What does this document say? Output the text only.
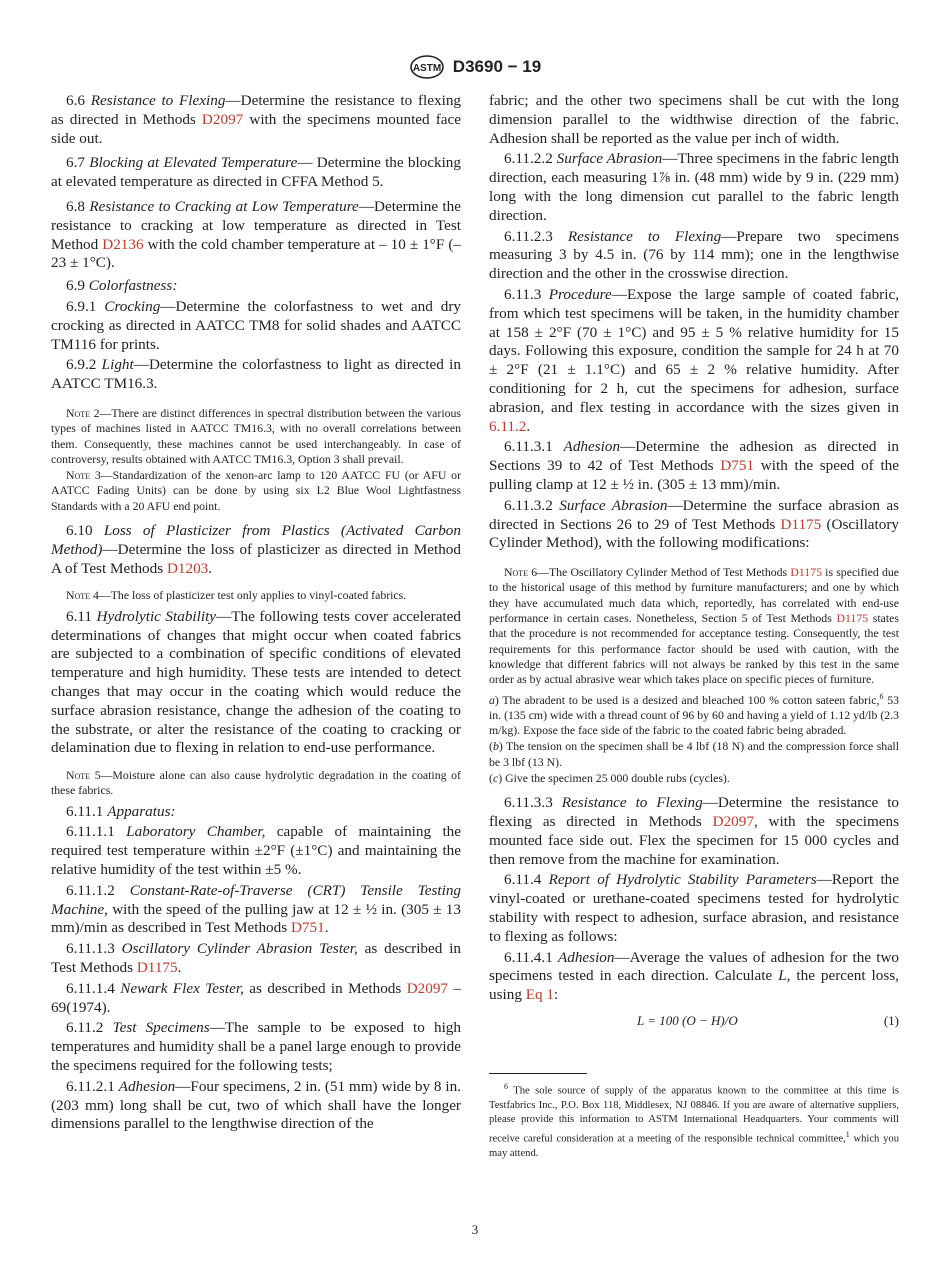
ASTM D3690 − 19

6.6 Resistance to Flexing—Determine the resistance to flexing as directed in Methods D2097 with the specimens mounted face side out.

6.7 Blocking at Elevated Temperature— Determine the blocking at elevated temperature as directed in CFFA Method 5.

6.8 Resistance to Cracking at Low Temperature—Determine the resistance to cracking at low temperature as directed in Test Method D2136 with the cold chamber temperature at – 10 ± 1°F (–23 ± 1°C).

6.9 Colorfastness:

6.9.1 Crocking—Determine the colorfastness to wet and dry crocking as directed in AATCC TM8 for solid shades and AATCC TM116 for prints.

6.9.2 Light—Determine the colorfastness to light as directed in AATCC TM16.3.

Note 2—There are distinct differences in spectral distribution between the various types of machines listed in AATCC TM16.3, with no overall correlations between them. Consequently, these machines cannot be used interchangeably. In case of controversy, results obtained with AATCC TM16.3, Option 3 shall prevail.

Note 3—Standardization of the xenon-arc lamp to 120 AATCC FU (or AFU or AATCC Fading Units) can be done by using six L2 Blue Wool Lightfastness Standards with a 20 AFU end point.

6.10 Loss of Plasticizer from Plastics (Activated Carbon Method)—Determine the loss of plasticizer as directed in Method A of Test Methods D1203.

Note 4—The loss of plasticizer test only applies to vinyl-coated fabrics.

6.11 Hydrolytic Stability—The following tests cover accelerated determinations of changes that might occur when coated fabrics are subjected to a combination of specific conditions of elevated temperature and high humidity. These tests are intended to detect changes that may occur in the coating which would reduce the surface abrasion resistance, change the adhesion of the coating to the substrate, or alter the resistance of the coating to cracking or delamination due to flexing in relation to end-use performance.

Note 5—Moisture alone can also cause hydrolytic degradation in the coating of these fabrics.

6.11.1 Apparatus:

6.11.1.1 Laboratory Chamber, capable of maintaining the required test temperature within ±2°F (±1°C) and maintaining the relative humidity of the test within ±5 %.

6.11.1.2 Constant-Rate-of-Traverse (CRT) Tensile Testing Machine, with the speed of the pulling jaw at 12 ± ½ in. (305 ± 13 mm)/min as described in Test Methods D751.

6.11.1.3 Oscillatory Cylinder Abrasion Tester, as described in Test Methods D1175.

6.11.1.4 Newark Flex Tester, as described in Methods D2097 – 69(1974).

6.11.2 Test Specimens—The sample to be exposed to high temperatures and humidity shall be a panel large enough to provide the specimens required for the following tests;

6.11.2.1 Adhesion—Four specimens, 2 in. (51 mm) wide by 8 in. (203 mm) long shall be cut, two of which shall have the longer dimensions parallel to the lengthwise direction of the

fabric; and the other two specimens shall be cut with the long dimension parallel to the widthwise direction of the fabric. Adhesion shall be reported as the value per inch of width.

6.11.2.2 Surface Abrasion—Three specimens in the fabric length direction, each measuring 1⅞ in. (48 mm) wide by 9 in. (229 mm) long with the long dimension cut parallel to the fabric length direction.

6.11.2.3 Resistance to Flexing—Prepare two specimens measuring 3 by 4.5 in. (76 by 114 mm); one in the lengthwise direction and the other in the crosswise direction.

6.11.3 Procedure—Expose the large sample of coated fabric, from which test specimens will be taken, in the humidity chamber at 158 ± 2°F (70 ± 1°C) and 95 ± 5 % relative humidity for 15 days. Following this exposure, condition the sample for 24 h at 70 ± 2°F (21 ± 1.1°C) and 65 ± 2 % relative humidity. After conditioning for 2 h, cut the specimens for adhesion, surface abrasion, and flex testing in accordance with the sizes given in 6.11.2.

6.11.3.1 Adhesion—Determine the adhesion as directed in Sections 39 to 42 of Test Methods D751 with the speed of the pulling clamp at 12 ± ½ in. (305 ± 13 mm)/min.

6.11.3.2 Surface Abrasion—Determine the surface abrasion as directed in Sections 26 to 29 of Test Methods D1175 (Oscillatory Cylinder Method), with the following modifications:

Note 6—The Oscillatory Cylinder Method of Test Methods D1175 is specified due to the historical usage of this method by furniture manufacturers; and one by which they have accumulated much data which, reportedly, has correlated with end-use performance in certain cases. Nonetheless, Section 5 of Test Methods D1175 states that the procedure is not recommended for acceptance testing. Consequently, the test requirements for this performance factor should be used with caution, with the knowledge that different fabrics will not always be ranked by this test in the same order as by actual abrasive wear which takes place on specific pieces of furniture.

a) The abradent to be used is a desized and bleached 100 % cotton sateen fabric,$^6$ 53 in. (135 cm) wide with a thread count of 96 by 60 and having a yield of 1.12 yd/lb (2.3 m/kg). Expose the face side of the fabric to the coated fabric being abraded.

(b) The tension on the specimen shall be 4 lbf (18 N) and the compression force shall be 3 lbf (13 N).

(c) Give the specimen 25 000 double rubs (cycles).

6.11.3.3 Resistance to Flexing—Determine the resistance to flexing as directed in Methods D2097, with the specimens mounted face side out. Flex the specimen for 15 000 cycles and then remove from the machine for examination.

6.11.4 Report of Hydrolytic Stability Parameters—Report the vinyl-coated or urethane-coated specimens tested for hydrolytic stability with respect to adhesion, surface abrasion, and resistance to flexing as follows:

6.11.4.1 Adhesion—Average the values of adhesion for the two specimens tested in each direction. Calculate L, the percent loss, using Eq 1:

L = 100 (O − H)/O	(1)

$^6$ The sole source of supply of the apparatus known to the committee at this time is Testfabrics Inc., P.O. Box 118, Middlesex, NJ 08846. If you are aware of alternative suppliers, please provide this information to ASTM International Headquarters. Your comments will receive careful consideration at a meeting of the responsible technical committee,$^1$ which you may attend.

3
